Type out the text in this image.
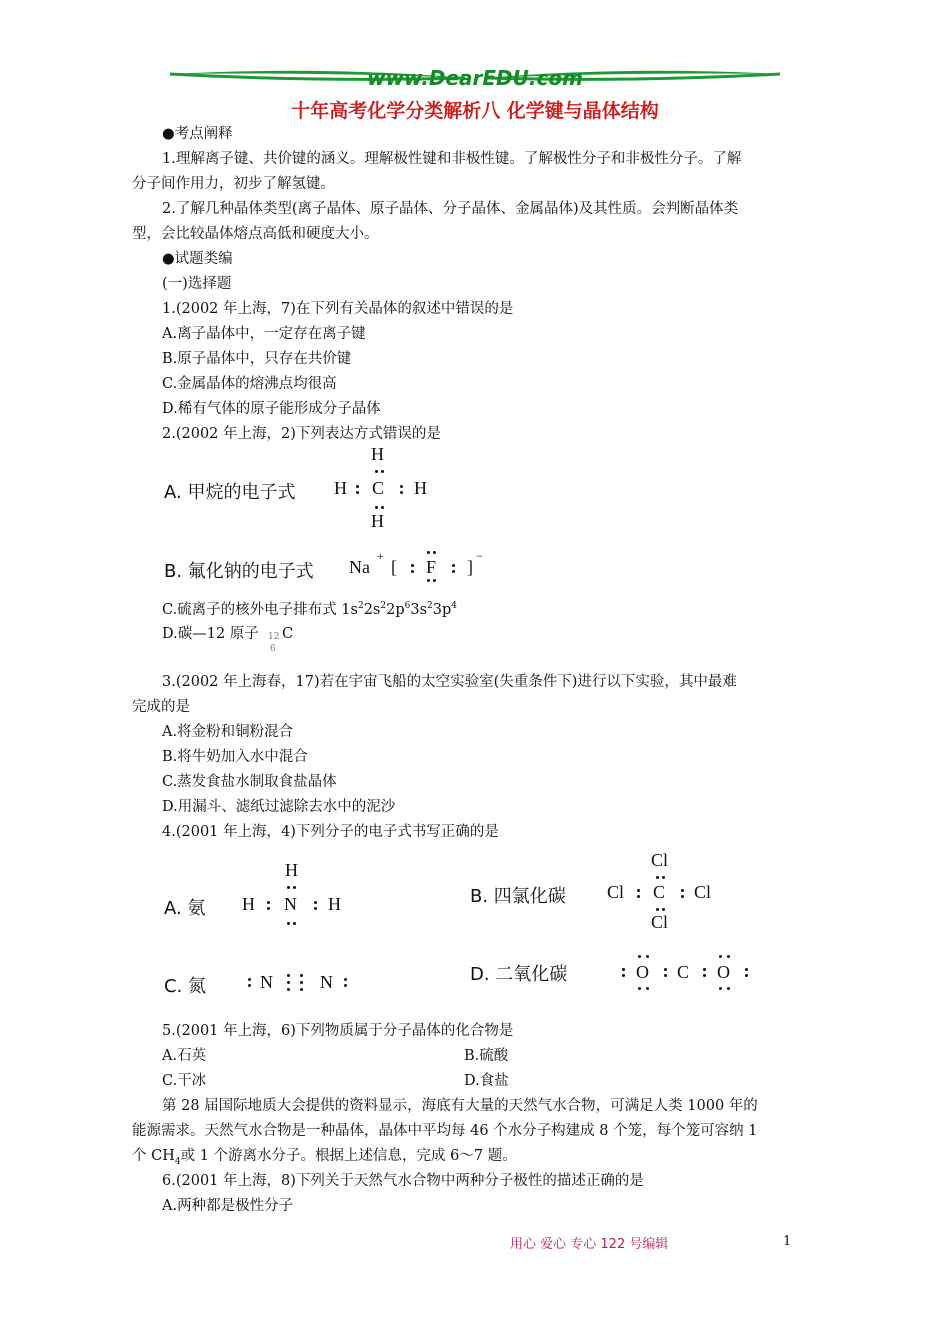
www.DearEDU.com
十年高考化学分类解析八 化学键与晶体结构
●考点阐释
1.理解离子键、共价键的涵义。理解极性键和非极性键。了解极性分子和非极性分子。了解
分子间作用力，初步了解氢键。
2.了解几种晶体类型(离子晶体、原子晶体、分子晶体、金属晶体)及其性质。会判断晶体类
型，会比较晶体熔点高低和硬度大小。
●试题类编
(一)选择题
1.(2002 年上海，7)在下列有关晶体的叙述中错误的是
A.离子晶体中，一定存在离子键
B.原子晶体中，只存在共价键
C.金属晶体的熔沸点均很高
D.稀有气体的原子能形成分子晶体
2.(2002 年上海，2)下列表达方式错误的是
A. 甲烷的电子式
H
H C H
H
B. 氟化钠的电子式 Na
+
[ F ]
−
C.硫离子的核外电子排布式 $1s^22s^22p^63s^23p^4$
D.碳—12 原子 12
6
C
3.(2002 年上海春，17)若在宇宙飞船的太空实验室(失重条件下)进行以下实验，其中最难
完成的是
A.将金粉和铜粉混合
B.将牛奶加入水中混合
C.蒸发食盐水制取食盐晶体
D.用漏斗、滤纸过滤除去水中的泥沙
4.(2001 年上海，4)下列分子的电子式书写正确的是
A. 氨
H
H N H	B. 四氯化碳
Cl
Cl C Cl
Cl
C. 氮	N	N	D. 二氧化碳	O C O
5.(2001 年上海，6)下列物质属于分子晶体的化合物是
A.石英	B.硫酸
C.干冰	D.食盐
第 28 届国际地质大会提供的资料显示，海底有大量的天然气水合物，可满足人类 1000 年的
能源需求。天然气水合物是一种晶体，晶体中平均每 46 个水分子构建成 8 个笼，每个笼可容纳 1
个 $CH_4$或 1 个游离水分子。根据上述信息，完成 6～7 题。
6.(2001 年上海，8)下列关于天然气水合物中两种分子极性的描述正确的是
A.两种都是极性分子
用心 爱心 专心 122 号编辑	1
